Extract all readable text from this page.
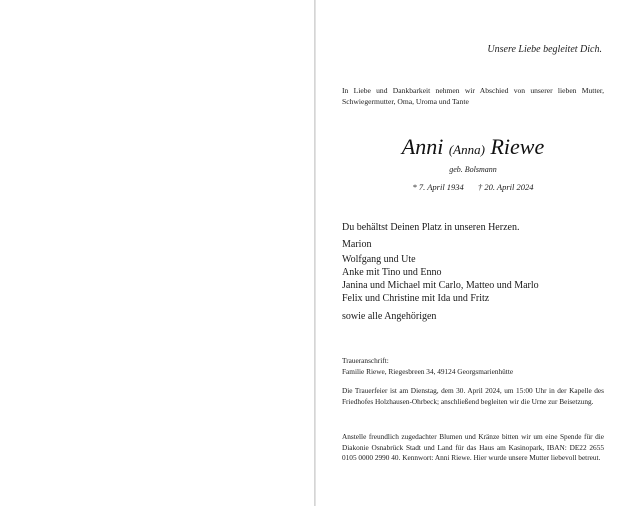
Unsere Liebe begleitet Dich.
In Liebe und Dankbarkeit nehmen wir Abschied von unserer lieben Mutter, Schwiegermutter, Oma, Uroma und Tante
Anni (Anna) Riewe
geb. Bolsmann
* 7. April 1934 † 20. April 2024
Du behältst Deinen Platz in unseren Herzen.
Marion
Wolfgang und Ute
Anke mit Tino und Enno
Janina und Michael mit Carlo, Matteo und Marlo
Felix und Christine mit Ida und Fritz
sowie alle Angehörigen
Traueranschrift:
Familie Riewe, Riegesbreen 34, 49124 Georgsmarienhütte
Die Trauerfeier ist am Dienstag, dem 30. April 2024, um 15:00 Uhr in der Kapelle des Friedhofes Holzhausen-Ohrbeck; anschließend begleiten wir die Urne zur Beisetzung.
Anstelle freundlich zugedachter Blumen und Kränze bitten wir um eine Spende für die Diakonie Osnabrück Stadt und Land für das Haus am Kasinopark, IBAN: DE22 2655 0105 0000 2990 40. Kennwort: Anni Riewe. Hier wurde unsere Mutter liebevoll betreut.
